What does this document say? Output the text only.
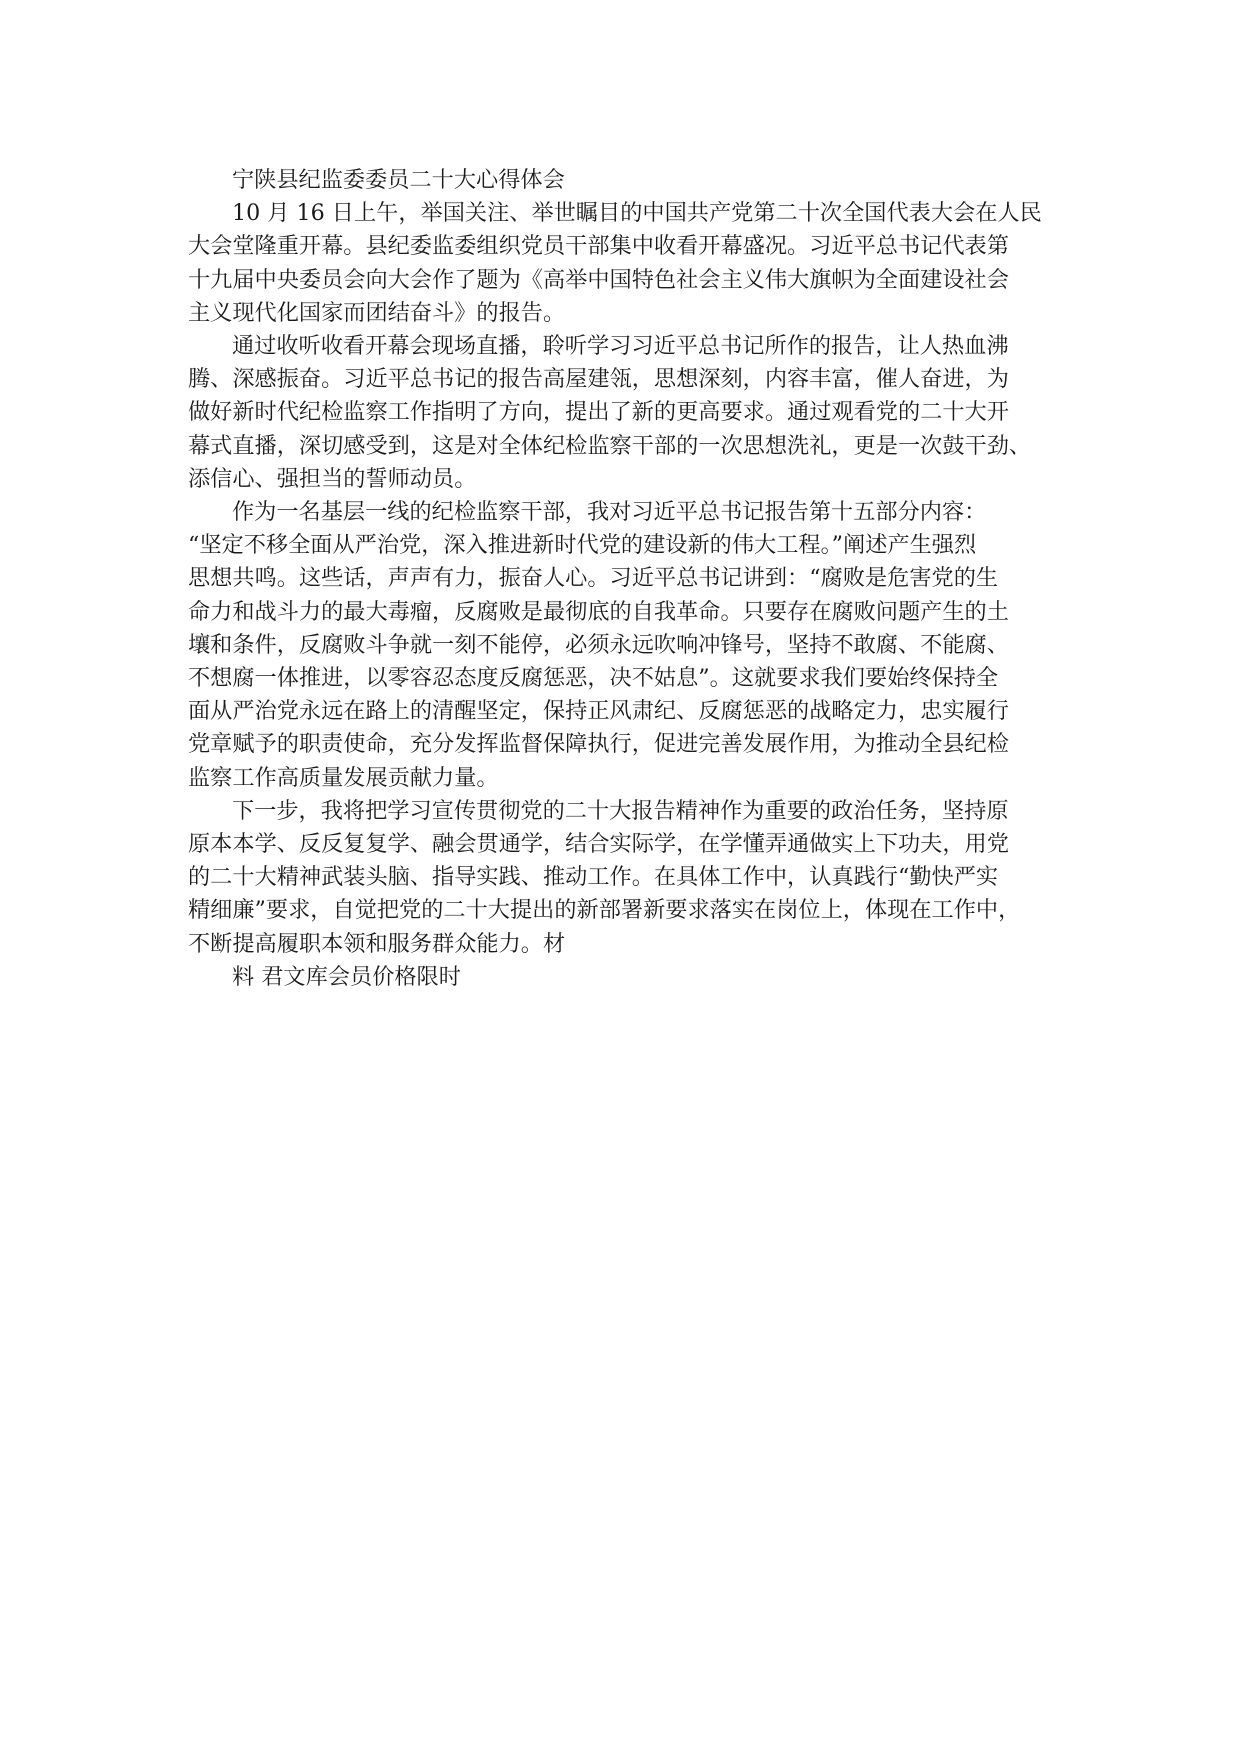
宁陕县纪监委委员二十大心得体会
10 月 16 日上午，举国关注、举世瞩目的中国共产党第二十次全国代表大会在人民
大会堂隆重开幕。县纪委监委组织党员干部集中收看开幕盛况。习近平总书记代表第
十九届中央委员会向大会作了题为《高举中国特色社会主义伟大旗帜为全面建设社会
主义现代化国家而团结奋斗》的报告。
通过收听收看开幕会现场直播，聆听学习习近平总书记所作的报告，让人热血沸
腾、深感振奋。习近平总书记的报告高屋建瓴，思想深刻，内容丰富，催人奋进，为
做好新时代纪检监察工作指明了方向，提出了新的更高要求。通过观看党的二十大开
幕式直播，深切感受到，这是对全体纪检监察干部的一次思想洗礼，更是一次鼓干劲、
添信心、强担当的誓师动员。
作为一名基层一线的纪检监察干部，我对习近平总书记报告第十五部分内容：
“坚定不移全面从严治党，深入推进新时代党的建设新的伟大工程。”阐述产生强烈
思想共鸣。这些话，声声有力，振奋人心。习近平总书记讲到：“腐败是危害党的生
命力和战斗力的最大毒瘤，反腐败是最彻底的自我革命。只要存在腐败问题产生的土
壤和条件，反腐败斗争就一刻不能停，必须永远吹响冲锋号，坚持不敢腐、不能腐、
不想腐一体推进，以零容忍态度反腐惩恶，决不姑息”。这就要求我们要始终保持全
面从严治党永远在路上的清醒坚定，保持正风肃纪、反腐惩恶的战略定力，忠实履行
党章赋予的职责使命，充分发挥监督保障执行，促进完善发展作用，为推动全县纪检
监察工作高质量发展贡献力量。
下一步，我将把学习宣传贯彻党的二十大报告精神作为重要的政治任务，坚持原
原本本学、反反复复学、融会贯通学，结合实际学，在学懂弄通做实上下功夫，用党
的二十大精神武装头脑、指导实践、推动工作。在具体工作中，认真践行“勤快严实
精细廉”要求，自觉把党的二十大提出的新部署新要求落实在岗位上，体现在工作中，
不断提高履职本领和服务群众能力。材
料 君文库会员价格限时
